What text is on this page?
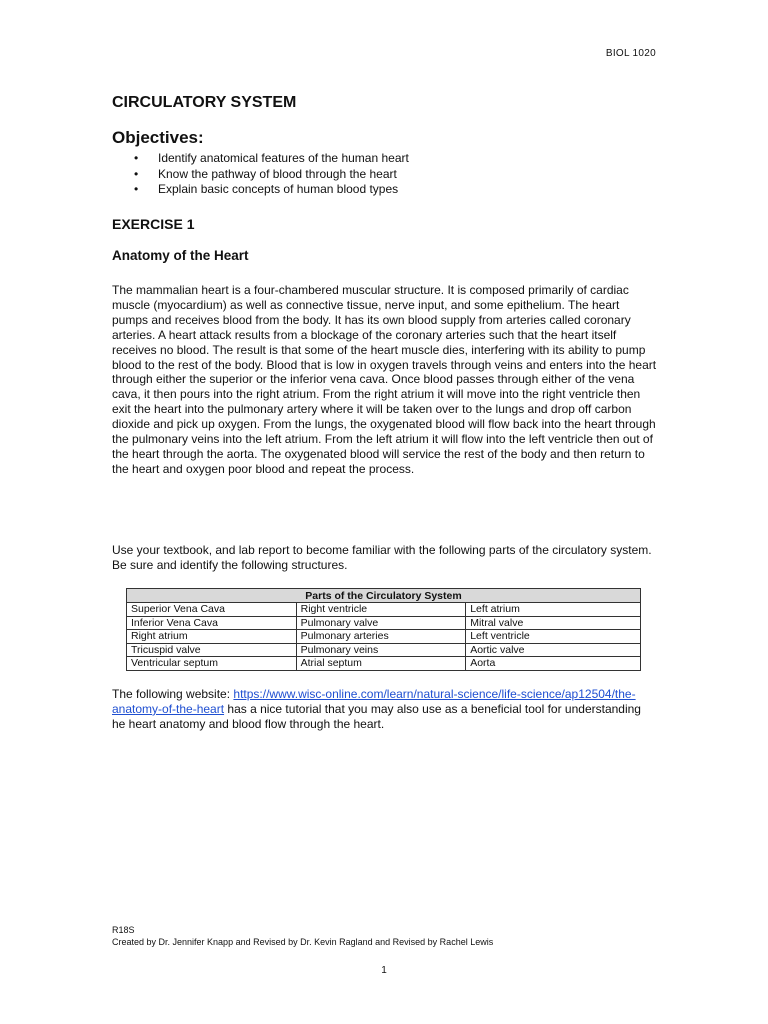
BIOL 1020
CIRCULATORY SYSTEM
Objectives:
• Identify anatomical features of the human heart
• Know the pathway of blood through the heart
• Explain basic concepts of human blood types
EXERCISE 1
Anatomy of the Heart

The mammalian heart is a four-chambered muscular structure. It is composed primarily of cardiac muscle (myocardium) as well as connective tissue, nerve input, and some epithelium. The heart pumps and receives blood from the body. It has its own blood supply from arteries called coronary arteries. A heart attack results from a blockage of the coronary arteries such that the heart itself receives no blood. The result is that some of the heart muscle dies, interfering with its ability to pump blood to the rest of the body. Blood that is low in oxygen travels through veins and enters into the heart through either the superior or the inferior vena cava. Once blood passes through either of the vena cava, it then pours into the right atrium. From the right atrium it will move into the right ventricle then exit the heart into the pulmonary artery where it will be taken over to the lungs and drop off carbon dioxide and pick up oxygen. From the lungs, the oxygenated blood will flow back into the heart through the pulmonary veins into the left atrium. From the left atrium it will flow into the left ventricle then out of the heart through the aorta. The oxygenated blood will service the rest of the body and then return to the heart and oxygen poor blood and repeat the process.

Use your textbook, and lab report to become familiar with the following parts of the circulatory system. Be sure and identify the following structures.

Parts of the Circulatory System		
Superior Vena Cava	Right ventricle	Left atrium
Inferior Vena Cava	Pulmonary valve	Mitral valve
Right atrium	Pulmonary arteries	Left ventricle
Tricuspid valve	Pulmonary veins	Aortic valve
Ventricular septum	Atrial septum	Aorta

The following website: https://www.wisc-online.com/learn/natural-science/life-science/ap12504/the-anatomy-of-the-heart has a nice tutorial that you may also use as a beneficial tool for understanding he heart anatomy and blood flow through the heart.

R18S
Created by Dr. Jennifer Knapp and Revised by Dr. Kevin Ragland and Revised by Rachel Lewis
1
